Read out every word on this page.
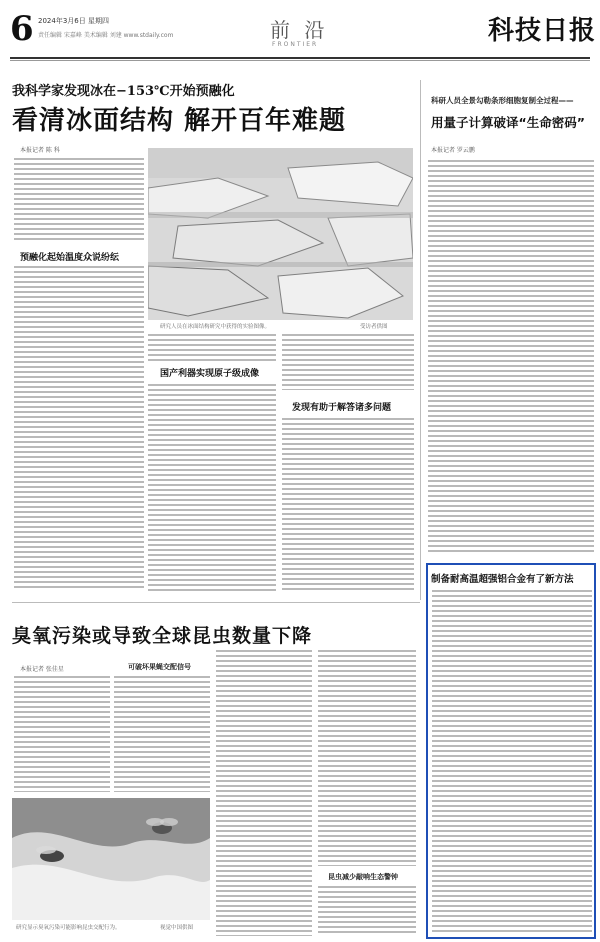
6 2024年3月6日 星期四
责任编辑 宋嘉峰 美术编辑 刘建 www.stdaily.com	前 沿
FRONTIER	科技日报
我科学家发现冰在−153℃开始预融化
看清冰面结构 解开百年难题
本报记者 陈 科
预融化起始温度众说纷纭
研究人员在冰面结构研究中获得的实验图像。	受访者供图
国产利器实现原子级成像
发现有助于解答诸多问题
科研人员全景勾勒条形细胞复制全过程——
用量子计算破译“生命密码”
本报记者 罗云鹏
制备耐高温超强铝合金有了新方法
臭氧污染或导致全球昆虫数量下降
本报记者 张佳星	可破坏果蝇交配信号
昆虫减少敲响生态警钟
研究显示臭氧污染可能影响昆虫交配行为。	视觉中国供图
